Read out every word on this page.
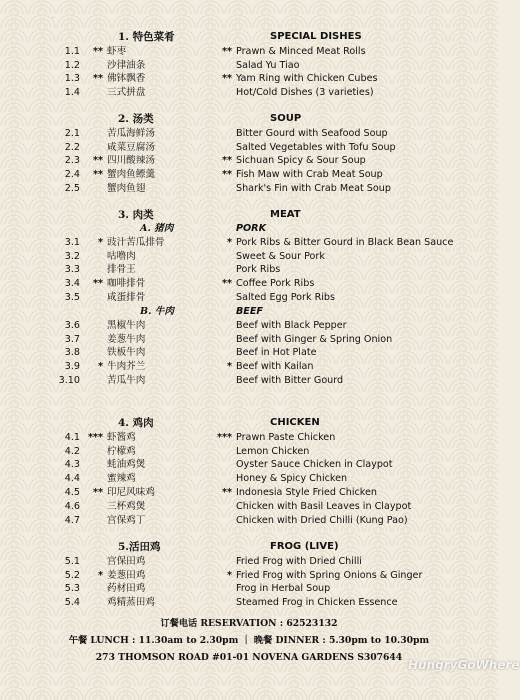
·
1. 特色菜肴	SPECIAL DISHES
1.1	** 虾枣	** Prawn & Minced Meat Rolls
1.2	沙律油条	Salad Yu Tiao
1.3	** 佛钵飘香	** Yam Ring with Chicken Cubes
1.4	三式拼盘	Hot/Cold Dishes (3 varieties)
2. 汤类	SOUP
2.1	苦瓜海鲜汤	Bitter Gourd with Seafood Soup
2.2	咸菜豆腐汤	Salted Vegetables with Tofu Soup
2.3	** 四川酸辣汤	** Sichuan Spicy & Sour Soup
2.4	** 蟹肉鱼鳔羹	** Fish Maw with Crab Meat Soup
2.5	蟹肉鱼翅	Shark's Fin with Crab Meat Soup
3. 肉类	MEAT
A. 猪肉	PORK
3.1	* 豉汁苦瓜排骨	* Pork Ribs & Bitter Gourd in Black Bean Sauce
3.2	咕噜肉	Sweet & Sour Pork
3.3	排骨王	Pork Ribs
3.4	** 咖啡排骨	** Coffee Pork Ribs
3.5	咸蛋排骨	Salted Egg Pork Ribs
B. 牛肉	BEEF
3.6	黑椒牛肉	Beef with Black Pepper
3.7	姜葱牛肉	Beef with Ginger & Spring Onion
3.8	铁板牛肉	Beef in Hot Plate
3.9	* 牛肉芥兰	* Beef with Kailan
3.10	苦瓜牛肉	Beef with Bitter Gourd
4. 鸡肉	CHICKEN
4.1 *** 虾酱鸡	*** Prawn Paste Chicken
4.2	柠檬鸡	Lemon Chicken
4.3	蚝油鸡煲	Oyster Sauce Chicken in Claypot
4.4	蜜辣鸡	Honey & Spicy Chicken
4.5	** 印尼风味鸡	** Indonesia Style Fried Chicken
4.6	三杯鸡煲	Chicken with Basil Leaves in Claypot
4.7	宫保鸡丁	Chicken with Dried Chilli (Kung Pao)
5.活田鸡	FROG (LIVE)
5.1	宫保田鸡	Fried Frog with Dried Chilli
5.2	* 姜葱田鸡	* Fried Frog with Spring Onions & Ginger
5.3	药材田鸡	Frog in Herbal Soup
5.4	鸡精蒸田鸡	Steamed Frog in Chicken Essence
订餐电话 RESERVATION : 62523132
午餐 LUNCH : 11.30am to 2.30pm ｜ 晚餐 DINNER : 5.30pm to 10.30pm
273 THOMSON ROAD #01-01 NOVENA GARDENS S307644
HungryGoWhere
